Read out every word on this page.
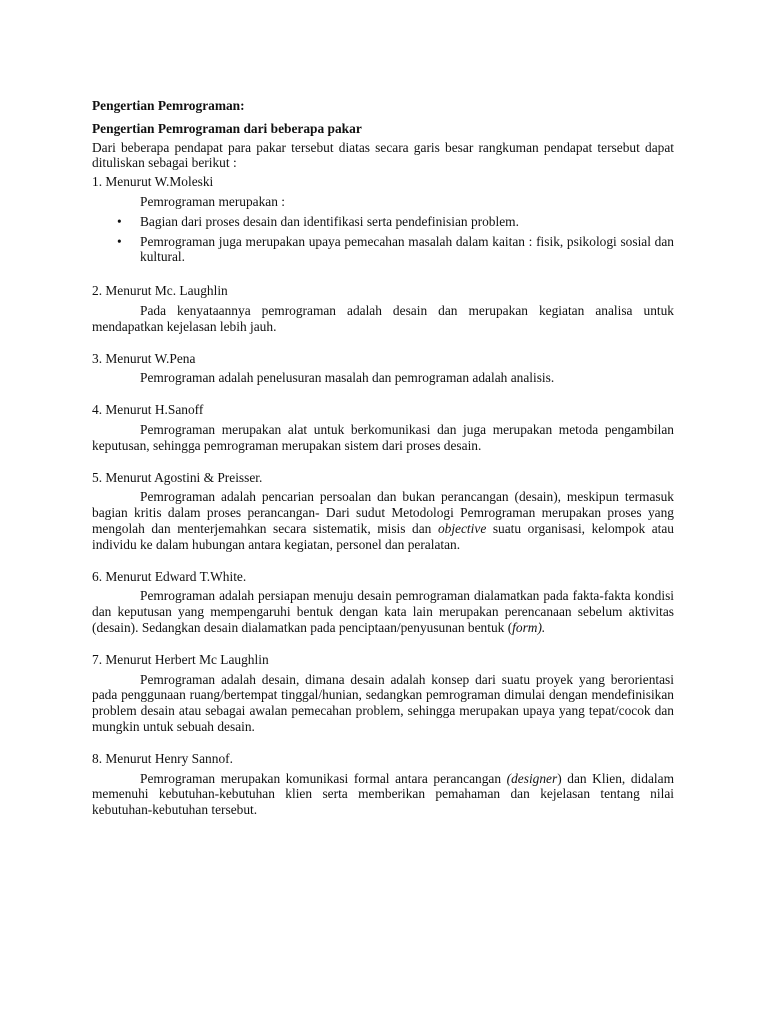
Pengertian Pemrograman:

Pengertian Pemrograman dari beberapa pakar

Dari beberapa pendapat para pakar tersebut diatas secara garis besar rangkuman pendapat tersebut dapat dituliskan sebagai berikut :

1. Menurut W.Moleski

Pemrograman merupakan :

• Bagian dari proses desain dan identifikasi serta pendefinisian problem.
• Pemrograman juga merupakan upaya pemecahan masalah dalam kaitan : fisik, psikologi sosial dan kultural.

2. Menurut Mc. Laughlin

Pada kenyataannya pemrograman adalah desain dan merupakan kegiatan analisa untuk mendapatkan kejelasan lebih jauh.

3. Menurut W.Pena

Pemrograman adalah penelusuran masalah dan pemrograman adalah analisis.

4. Menurut H.Sanoff

Pemrograman merupakan alat untuk berkomunikasi dan juga merupakan metoda pengambilan keputusan, sehingga pemrograman merupakan sistem dari proses desain.

5. Menurut Agostini & Preisser.

Pemrograman adalah pencarian persoalan dan bukan perancangan (desain), meskipun termasuk bagian kritis dalam proses perancangan- Dari sudut Metodologi Pemrograman merupakan proses yang mengolah dan menterjemahkan secara sistematik, misis dan objective suatu organisasi, kelompok atau individu ke dalam hubungan antara kegiatan, personel dan peralatan.

6. Menurut Edward T.White.

Pemrograman adalah persiapan menuju desain pemrograman dialamatkan pada fakta-fakta kondisi dan keputusan yang mempengaruhi bentuk dengan kata lain merupakan perencanaan sebelum aktivitas (desain). Sedangkan desain dialamatkan pada penciptaan/penyusunan bentuk (form).

7. Menurut Herbert Mc Laughlin

Pemrograman adalah desain, dimana desain adalah konsep dari suatu proyek yang berorientasi pada penggunaan ruang/bertempat tinggal/hunian, sedangkan pemrograman dimulai dengan mendefinisikan problem desain atau sebagai awalan pemecahan problem, sehingga merupakan upaya yang tepat/cocok dan mungkin untuk sebuah desain.

8. Menurut Henry Sannof.

Pemrograman merupakan komunikasi formal antara perancangan (designer) dan Klien, didalam memenuhi kebutuhan-kebutuhan klien serta memberikan pemahaman dan kejelasan tentang nilai kebutuhan-kebutuhan tersebut.
